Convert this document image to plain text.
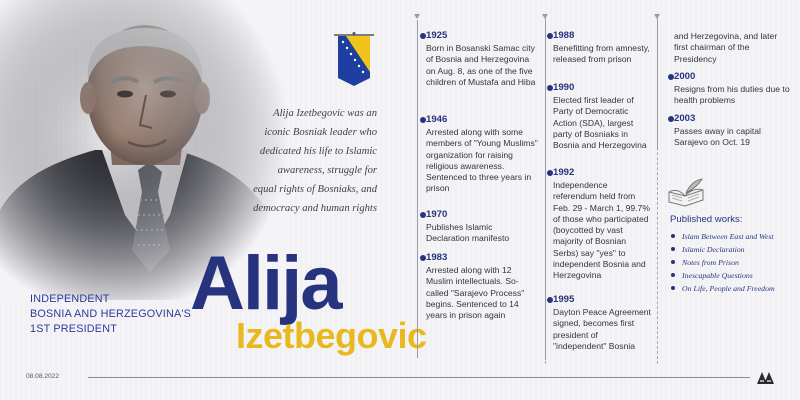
Alija Izetbegovic was an iconic Bosniak leader who dedicated his life to Islamic awareness, struggle for equal rights of Bosniaks, and democracy and human rights
Alija
Izetbegovic
INDEPENDENT
BOSNIA AND HERZEGOVINA'S
1ST PRESIDENT
1925
Born in Bosanski Samac city of Bosnia and Herzegovina on Aug. 8, as one of the five children of Mustafa and Hiba
1946
Arrested along with some members of "Young Muslims" organization for raising religious awareness. Sentenced to three years in prison
1970
Publishes Islamic Declaration manifesto
1983
Arrested along with 12 Muslim intellectuals. So-called "Sarajevo Process" begins. Sentenced to 14 years in prison again
1988
Benefitting from amnesty, released from prison
1990
Elected first leader of Party of Democratic Action (SDA), largest party of Bosniaks in Bosnia and Herzegovina
1992
Independence referendum held from Feb. 29 - March 1, 99.7% of those who participated (boycotted by vast majority of Bosnian Serbs) say "yes" to independent Bosnia and Herzegovina
1995
Dayton Peace Agreement signed, becomes first president of "independent" Bosnia
and Herzegovina, and later first chairman of the Presidency
2000
Resigns from his duties due to health problems
2003
Passes away in capital Sarajevo on Oct. 19
Published works:
Islam Between East and West
Islamic Declaration
Notes from Prison
Inescapable Questions
On Life, People and Freedom
08.08.2022
